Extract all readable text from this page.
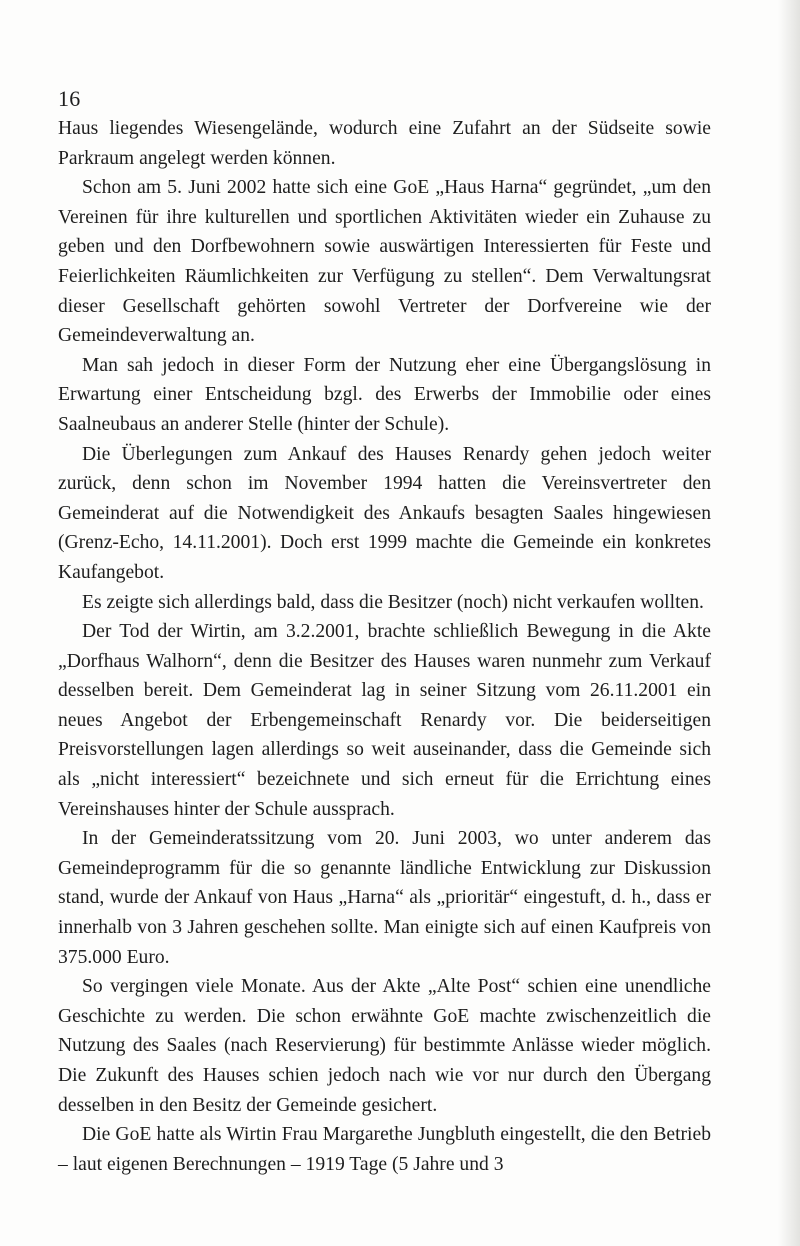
16

Haus liegendes Wiesengelände, wodurch eine Zufahrt an der Südseite sowie Parkraum angelegt werden können.

Schon am 5. Juni 2002 hatte sich eine GoE „Haus Harna“ gegründet, „um den Vereinen für ihre kulturellen und sportlichen Aktivitäten wieder ein Zuhause zu geben und den Dorfbewohnern sowie auswärtigen Interessierten für Feste und Feierlichkeiten Räumlichkeiten zur Verfügung zu stellen“. Dem Verwaltungsrat dieser Gesellschaft gehörten sowohl Vertreter der Dorfvereine wie der Gemeindeverwaltung an.

Man sah jedoch in dieser Form der Nutzung eher eine Übergangslösung in Erwartung einer Entscheidung bzgl. des Erwerbs der Immobilie oder eines Saalneubaus an anderer Stelle (hinter der Schule).

Die Überlegungen zum Ankauf des Hauses Renardy gehen jedoch weiter zurück, denn schon im November 1994 hatten die Vereinsvertreter den Gemeinderat auf die Notwendigkeit des Ankaufs besagten Saales hingewiesen (Grenz-Echo, 14.11.2001). Doch erst 1999 machte die Gemeinde ein konkretes Kaufangebot.

Es zeigte sich allerdings bald, dass die Besitzer (noch) nicht verkaufen wollten.

Der Tod der Wirtin, am 3.2.2001, brachte schließlich Bewegung in die Akte „Dorfhaus Walhorn“, denn die Besitzer des Hauses waren nunmehr zum Verkauf desselben bereit. Dem Gemeinderat lag in seiner Sitzung vom 26.11.2001 ein neues Angebot der Erbengemeinschaft Renardy vor. Die beiderseitigen Preisvorstellungen lagen allerdings so weit auseinander, dass die Gemeinde sich als „nicht interessiert“ bezeichnete und sich erneut für die Errichtung eines Vereinshauses hinter der Schule aussprach.

In der Gemeinderatssitzung vom 20. Juni 2003, wo unter anderem das Gemeindeprogramm für die so genannte ländliche Entwicklung zur Diskussion stand, wurde der Ankauf von Haus „Harna“ als „prioritär“ eingestuft, d. h., dass er innerhalb von 3 Jahren geschehen sollte. Man einigte sich auf einen Kaufpreis von 375.000 Euro.

So vergingen viele Monate. Aus der Akte „Alte Post“ schien eine unendliche Geschichte zu werden. Die schon erwähnte GoE machte zwischenzeitlich die Nutzung des Saales (nach Reservierung) für bestimmte Anlässe wieder möglich. Die Zukunft des Hauses schien jedoch nach wie vor nur durch den Übergang desselben in den Besitz der Gemeinde gesichert.

Die GoE hatte als Wirtin Frau Margarethe Jungbluth eingestellt, die den Betrieb – laut eigenen Berechnungen – 1919 Tage (5 Jahre und 3
